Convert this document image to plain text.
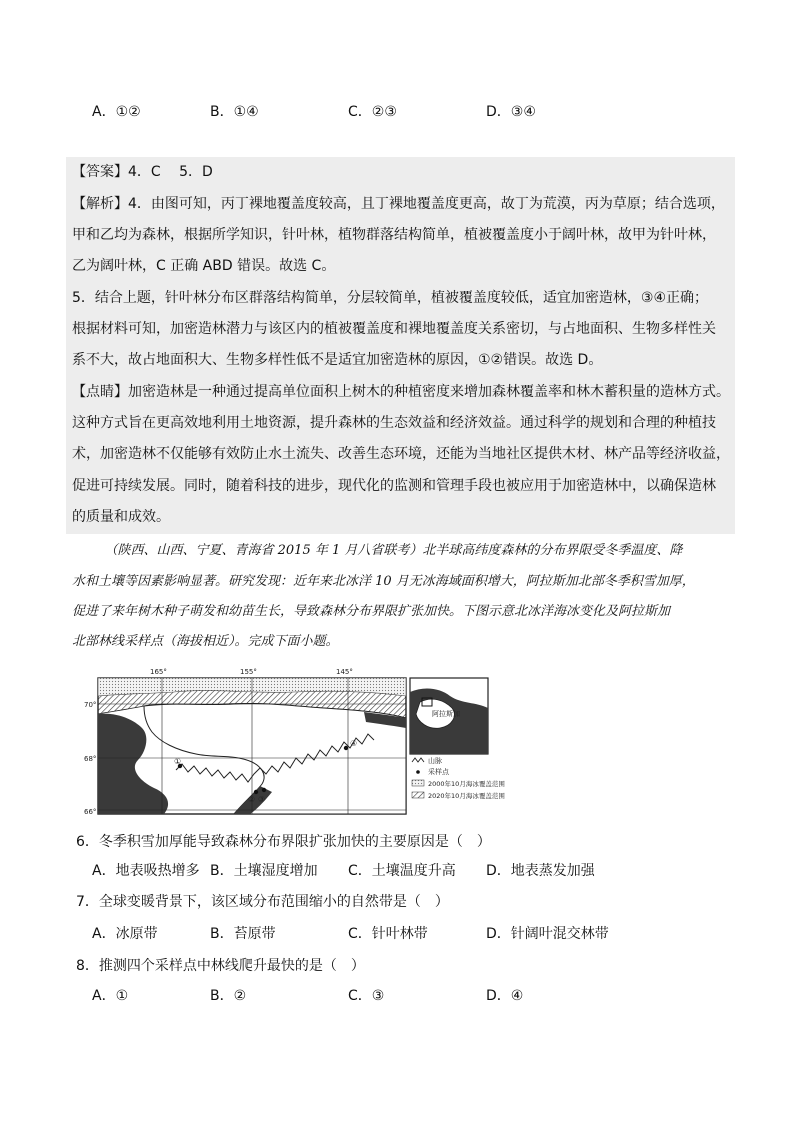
A．①②	B．①④	C．②③	D．③④
【答案】4．C　 5．D
【解析】4．由图可知，丙丁裸地覆盖度较高，且丁裸地覆盖度更高，故丁为荒漠，丙为草原；结合选项，
甲和乙均为森林，根据所学知识，针叶林，植物群落结构简单，植被覆盖度小于阔叶林，故甲为针叶林，
乙为阔叶林，C 正确 ABD 错误。故选 C。
5．结合上题，针叶林分布区群落结构简单，分层较简单，植被覆盖度较低，适宜加密造林，③④正确；
根据材料可知，加密造林潜力与该区内的植被覆盖度和裸地覆盖度关系密切，与占地面积、生物多样性关
系不大，故占地面积大、生物多样性低不是适宜加密造林的原因，①②错误。故选 D。
【点睛】加密造林是一种通过提高单位面积上树木的种植密度来增加森林覆盖率和林木蓄积量的造林方式。
这种方式旨在更高效地利用土地资源，提升森林的生态效益和经济效益。通过科学的规划和合理的种植技
术，加密造林不仅能够有效防止水土流失、改善生态环境，还能为当地社区提供木材、林产品等经济收益，
促进可持续发展。同时，随着科技的进步，现代化的监测和管理手段也被应用于加密造林中，以确保造林
的质量和成效。
　　　（陕西、山西、宁夏、青海省 2015 年 1 月八省联考）北半球高纬度森林的分布界限受冬季温度、降
水和土壤等因素影响显著。研究发现：近年来北冰洋 10 月无冰海域面积增大，阿拉斯加北部冬季积雪加厚，
促进了来年树木种子萌发和幼苗生长，导致森林分布界限扩张加快。下图示意北冰洋海冰变化及阿拉斯加
北部林线采样点（海拔相近）。完成下面小题。
①
② ③
④
165°	155°	145°
70°
68°
66°
阿拉斯加
山脉
采样点
2000年10月海冰覆盖范围
2020年10月海冰覆盖范围
6．冬季积雪加厚能导致森林分布界限扩张加快的主要原因是（　）
A．地表吸热增多 B．土壤湿度增加 C．土壤温度升高 D．地表蒸发加强
7．全球变暖背景下，该区域分布范围缩小的自然带是（　）
A．冰原带	B．苔原带	C．针叶林带	D．针阔叶混交林带
8．推测四个采样点中林线爬升最快的是（　）
A．①	B．②	C．③	D．④
